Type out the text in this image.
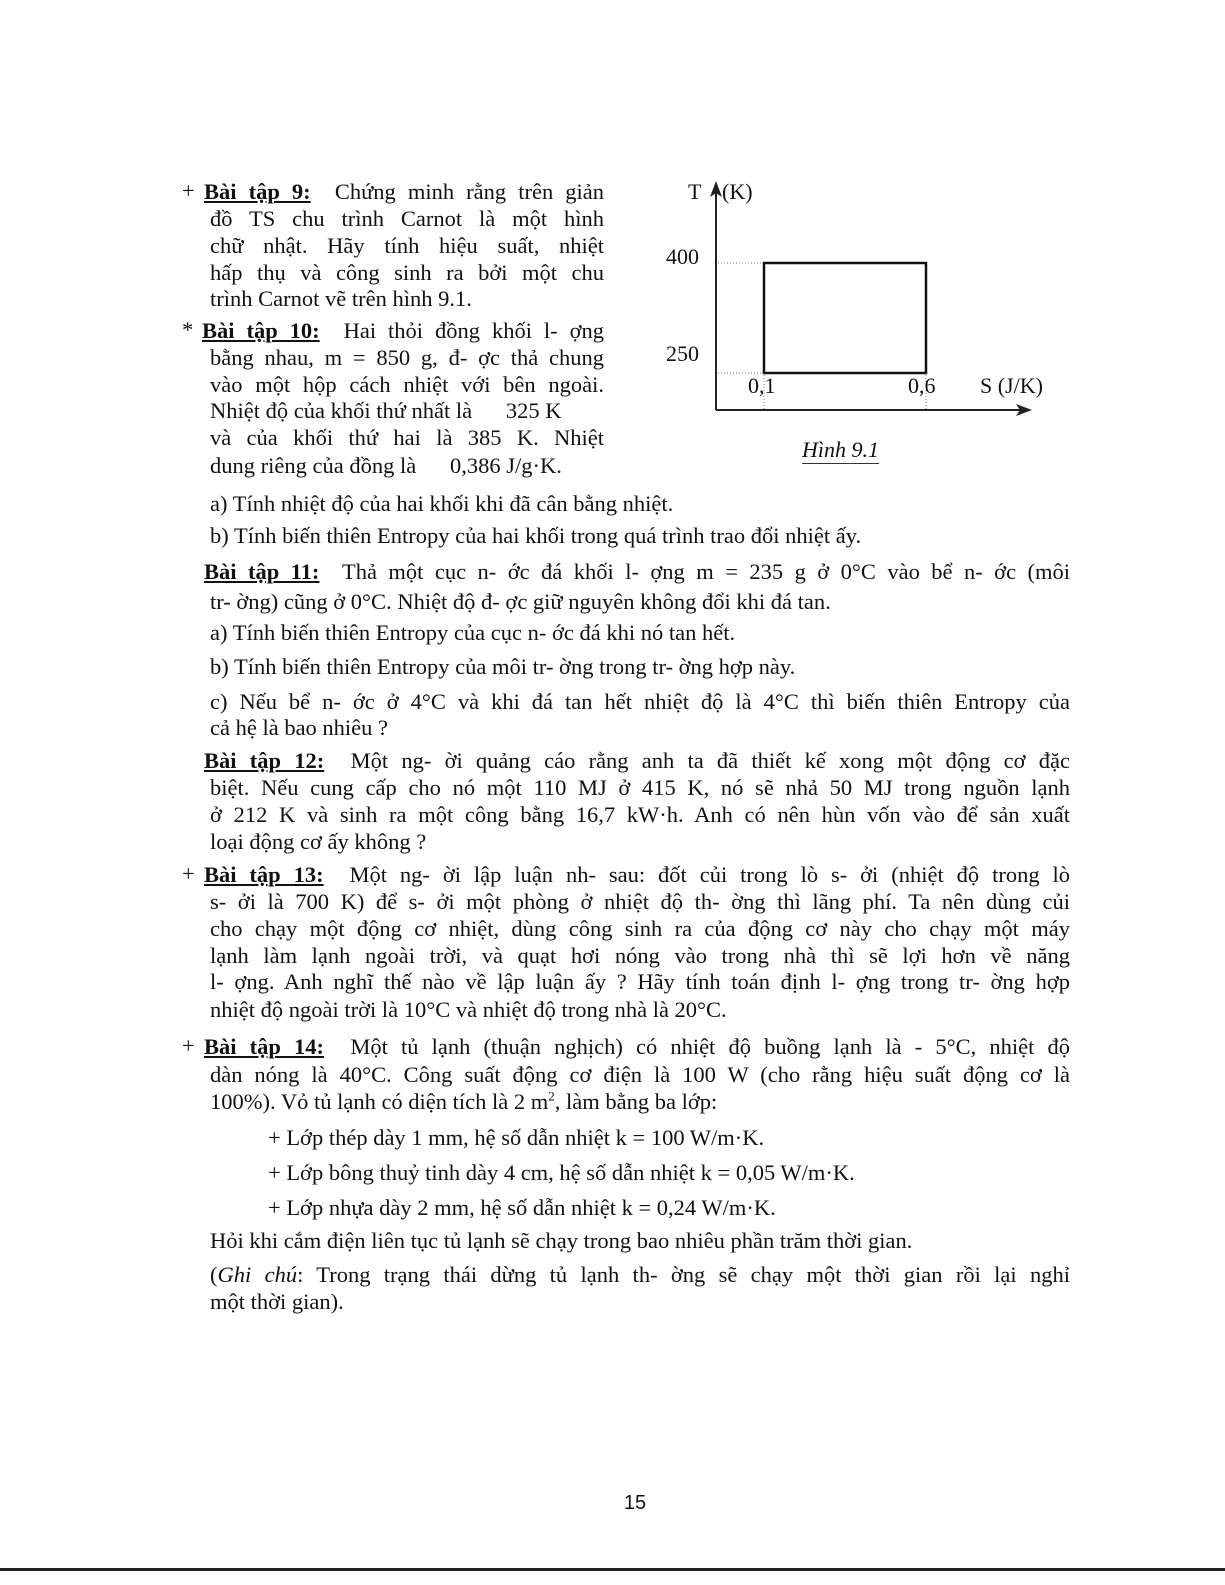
+ Bài tập 9: Chứng minh rằng trên giản
đồ TS chu trình Carnot là một hình
chữ nhật. Hãy tính hiệu suất, nhiệt
hấp thụ và công sinh ra bởi một chu
trình Carnot vẽ trên hình 9.1.
* Bài tập 10: Hai thỏi đồng khối l- ợng
bằng nhau, m = 850 g, đ- ợc thả chung
vào một hộp cách nhiệt với bên ngoài.
Nhiệt độ của khối thứ nhất là      325 K
và của khối thứ hai là 385 K. Nhiệt
dung riêng của đồng là      0,386 J/g·K.
a) Tính nhiệt độ của hai khối khi đã cân bằng nhiệt.
b) Tính biến thiên Entropy của hai khối trong quá trình trao đổi nhiệt ấy.
T (K)
400
250
0,1	0,6 S (J/K)
Hình 9.1
Bài tập 11: Thả một cục n- ớc đá khối l- ợng m = 235 g ở 0°C vào bể n- ớc (môi
tr- ờng) cũng ở 0°C. Nhiệt độ đ- ợc giữ nguyên không đổi khi đá tan.
a) Tính biến thiên Entropy của cục n- ớc đá khi nó tan hết.
b) Tính biến thiên Entropy của môi tr- ờng trong tr- ờng hợp này.
c) Nếu bể n- ớc ở 4°C và khi đá tan hết nhiệt độ là 4°C thì biến thiên Entropy của
cả hệ là bao nhiêu ?
Bài tập 12: Một ng- ời quảng cáo rằng anh ta đã thiết kế xong một động cơ đặc
biệt. Nếu cung cấp cho nó một 110 MJ ở 415 K, nó sẽ nhả 50 MJ trong nguồn lạnh
ở 212 K và sinh ra một công bằng 16,7 kW·h. Anh có nên hùn vốn vào để sản xuất
loại động cơ ấy không ?
+ Bài tập 13: Một ng- ời lập luận nh- sau: đốt củi trong lò s- ởi (nhiệt độ trong lò
s- ởi là 700 K) để s- ởi một phòng ở nhiệt độ th- ờng thì lãng phí. Ta nên dùng củi
cho chạy một động cơ nhiệt, dùng công sinh ra của động cơ này cho chạy một máy
lạnh làm lạnh ngoài trời, và quạt hơi nóng vào trong nhà thì sẽ lợi hơn về năng
l- ợng. Anh nghĩ thế nào về lập luận ấy ? Hãy tính toán định l- ợng trong tr- ờng hợp
nhiệt độ ngoài trời là 10°C và nhiệt độ trong nhà là 20°C.
+ Bài tập 14: Một tủ lạnh (thuận nghịch) có nhiệt độ buồng lạnh là - 5°C, nhiệt độ
dàn nóng là 40°C. Công suất động cơ điện là 100 W (cho rằng hiệu suất động cơ là
100%). Vỏ tủ lạnh có diện tích là 2 $m^2$, làm bằng ba lớp:
+ Lớp thép dày 1 mm, hệ số dẫn nhiệt k = 100 W/m·K.
+ Lớp bông thuỷ tinh dày 4 cm, hệ số dẫn nhiệt k = 0,05 W/m·K.
+ Lớp nhựa dày 2 mm, hệ số dẫn nhiệt k = 0,24 W/m·K.
Hỏi khi cắm điện liên tục tủ lạnh sẽ chạy trong bao nhiêu phần trăm thời gian.
(Ghi chú: Trong trạng thái dừng tủ lạnh th- ờng sẽ chạy một thời gian rồi lại nghỉ
một thời gian).
15
